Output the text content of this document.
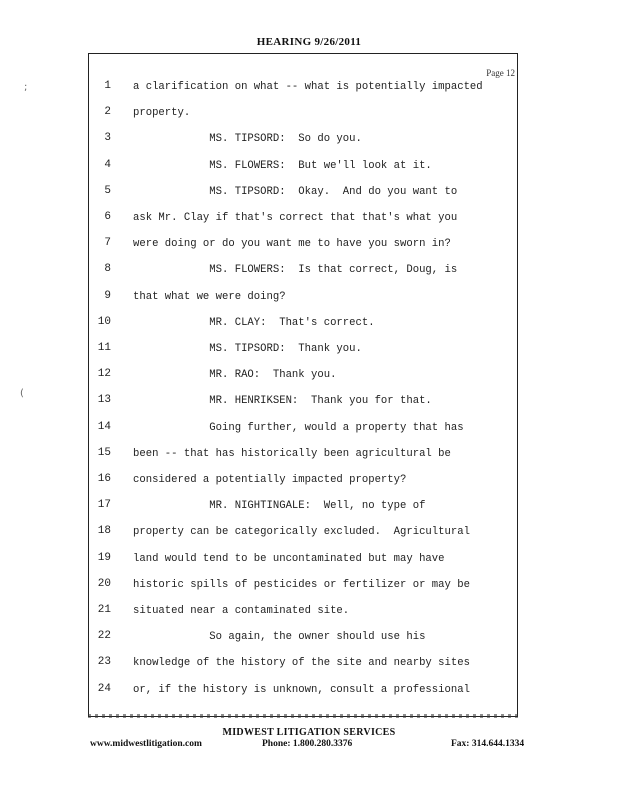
HEARING 9/26/2011
;
(
Page 12
1 a clarification on what -- what is potentially impacted
2 property.
3 MS. TIPSORD:  So do you.
4 MS. FLOWERS:  But we'll look at it.
5 MS. TIPSORD:  Okay.  And do you want to
6 ask Mr. Clay if that's correct that that's what you
7 were doing or do you want me to have you sworn in?
8 MS. FLOWERS:  Is that correct, Doug, is
9 that what we were doing?
10 MR. CLAY:  That's correct.
11 MS. TIPSORD:  Thank you.
12 MR. RAO:  Thank you.
13 MR. HENRIKSEN:  Thank you for that.
14 Going further, would a property that has
15 been -- that has historically been agricultural be
16 considered a potentially impacted property?
17 MR. NIGHTINGALE:  Well, no type of
18 property can be categorically excluded.  Agricultural
19 land would tend to be uncontaminated but may have
20 historic spills of pesticides or fertilizer or may be
21 situated near a contaminated site.
22 So again, the owner should use his
23 knowledge of the history of the site and nearby sites
24 or, if the history is unknown, consult a professional
MIDWEST LITIGATION SERVICES
www.midwestlitigation.com	Phone: 1.800.280.3376	Fax: 314.644.1334
